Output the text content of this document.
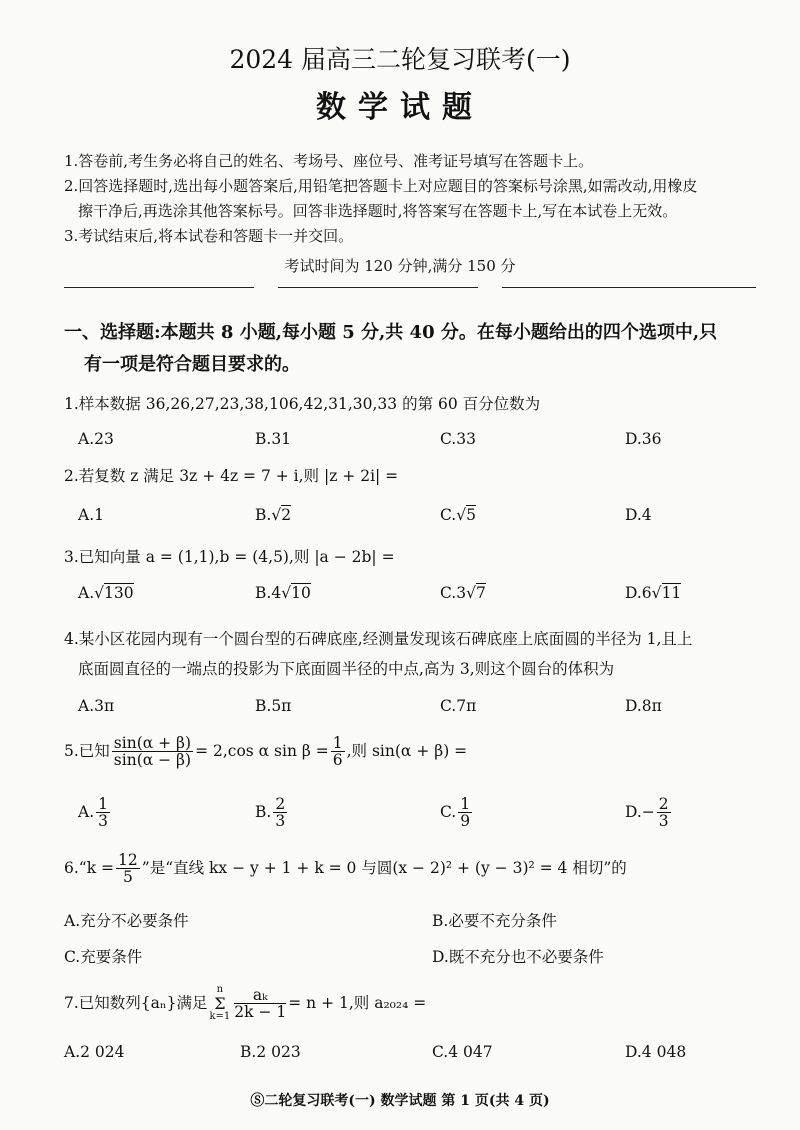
2024 届高三二轮复习联考(一)
数学试题
1.答卷前,考生务必将自己的姓名、考场号、座位号、准考证号填写在答题卡上。
2.回答选择题时,选出每小题答案后,用铅笔把答题卡上对应题目的答案标号涂黑,如需改动,用橡皮
擦干净后,再选涂其他答案标号。回答非选择题时,将答案写在答题卡上,写在本试卷上无效。
3.考试结束后,将本试卷和答题卡一并交回。
考试时间为 120 分钟,满分 150 分
一、选择题:本题共 8 小题,每小题 5 分,共 40 分。在每小题给出的四个选项中,只
有一项是符合题目要求的。
1.样本数据 36,26,27,23,38,106,42,31,30,33 的第 60 百分位数为
A.23	B.31	C.33	D.36
2.若复数 z 满足 3z + 4z = 7 + i,则 |z + 2i| =
A.1	B.√2	C.√5	D.4
3.已知向量 a = (1,1),b = (4,5),则 |a − 2b| =
A.√130	B.4√10	C.3√7	D.6√11
4.某小区花园内现有一个圆台型的石碑底座,经测量发现该石碑底座上底面圆的半径为 1,且上
底面圆直径的一端点的投影为下底面圆半径的中点,高为 3,则这个圆台的体积为
A.3π	B.5π	C.7π	D.8π
5.已知 $\frac{\sin(\alpha + \beta)}{\sin(\alpha - \beta)} = 2,\cos$ α $\sin \beta = \frac{1}{6}$ ,则 sin(α + β) =
A. $\frac{1}{3}$	B. $\frac{2}{3}$	C. $\frac{1}{9}$	$D.- \frac{2}{3}$
6.“k = $\frac{12}{5}$ ”是“直线 kx − y + 1 + k = 0 与圆(x − 2)² + (y − 3)² = 4 相切”的
A.充分不必要条件	B.必要不充分条件
C.充要条件	D.既不充分也不必要条件
7.已知数列{aₙ}满足
n
Σ
$k=1 \frac{\text{aₖ}}{2k - 1} = n + 1$,则 a₂₀₂₄ =
A.2 024	B.2 023	C.4 047	D.4 048
Ⓢ二轮复习联考(一) 数学试题 第 1 页(共 4 页)
